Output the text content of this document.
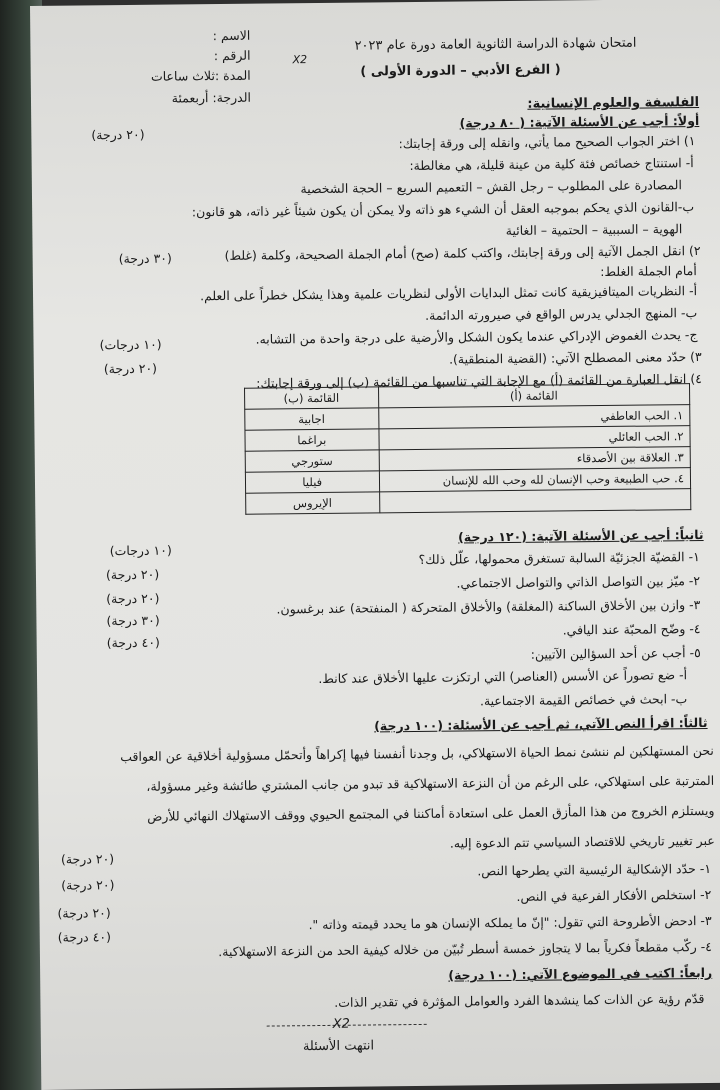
الاسم :
الرقم :
المدة :ثلاث ساعات
الدرجة: أربعمئة
امتحان شهادة الدراسة الثانوية العامة دورة عام ٢٠٢٣
( الفرع الأدبي – الدورة الأولى )
X2
الفلسفة والعلوم الإنسانية:
أولاً: أجب عن الأسئلة الآتية: ( ٨٠ درجة)
١) اختر الجواب الصحيح مما يأتي، وانقله إلى ورقة إجابتك:
(٢٠ درجة)
أ- استنتاج خصائص فئة كلية من عينة قليلة، هي مغالطة:
المصادرة على المطلوب – رجل القش – التعميم السريع – الحجة الشخصية
ب-القانون الذي يحكم بموجبه العقل أن الشيء هو ذاته ولا يمكن أن يكون شيئاً غير ذاته، هو قانون:
الهوية – السببية – الحتمية – الغائية
٢) انقل الجمل الآتية إلى ورقة إجابتك، واكتب كلمة (صح) أمام الجملة الصحيحة، وكلمة (غلط)
(٣٠ درجة)
أمام الجملة الغلط:
أ- النظريات الميتافيزيقية كانت تمثل البدايات الأولى لنظريات علمية وهذا يشكل خطراً على العلم.
ب- المنهج الجدلي يدرس الواقع في صيرورته الدائمة.
ج- يحدث الغموض الإدراكي عندما يكون الشكل والأرضية على درجة واحدة من التشابه.
٣) حدّد معنى المصطلح الآتي: (القضية المنطقية).
(١٠ درجات)
٤) انقل العبارة من القائمة (أ) مع الإجابة التي تناسبها من القائمة (ب) إلى ورقة إجابتك:
(٢٠ درجة)
القائمة (أ)	القائمة (ب)
١. الحب العاطفي	اجابية
٢. الحب العائلي	براغما
٣. العلاقة بين الأصدقاء	ستورجي
٤. حب الطبيعة وحب الإنسان لله وحب الله للإنسان	فيليا
	الإيروس
ثانياً: أجب عن الأسئلة الآتية: (١٢٠ درجة)
١- القضيّة الجزئيّة السالبة تستغرق محمولها، علّل ذلك؟
(١٠ درجات)
٢- ميّز بين التواصل الذاتي والتواصل الاجتماعي.
(٢٠ درجة)
٣- وازن بين الأخلاق الساكنة (المغلقة) والأخلاق المتحركة ( المنفتحة) عند برغسون.
(٢٠ درجة)
٤- وضّح المحبّة عند اليافي.
(٣٠ درجة)
٥- أجب عن أحد السؤالين الآتيين:
(٤٠ درجة)
أ- ضع تصوراً عن الأسس (العناصر) التي ارتكزت عليها الأخلاق عند كانط.
ب- ابحث في خصائص القيمة الاجتماعية.
ثالثاً: اقرأ النص الآتي، ثم أجب عن الأسئلة: (١٠٠ درجة)
نحن المستهلكين لم ننشئ نمط الحياة الاستهلاكي، بل وجدنا أنفسنا فيها إكراهاً وأتحمّل مسؤولية أخلاقية عن العواقب
المترتبة على استهلاكي، على الرغم من أن النزعة الاستهلاكية قد تبدو من جانب المشتري طائشة وغير مسؤولة،
ويستلزم الخروج من هذا المأزق العمل على استعادة أماكننا في المجتمع الحيوي ووقف الاستهلاك النهائي للأرض
عبر تغيير تاريخي للاقتصاد السياسي تتم الدعوة إليه.
١- حدّد الإشكالية الرئيسية التي يطرحها النص.
(٢٠ درجة)
٢- استخلص الأفكار الفرعية في النص.
(٢٠ درجة)
٣- ادحض الأطروحة التي تقول: "إنّ ما يملكه الإنسان هو ما يحدد قيمته وذاته ".
(٢٠ درجة)
٤- ركّب مقطعاً فكرياً بما لا يتجاوز خمسة أسطر تُبيّن من خلاله كيفية الحد من النزعة الاستهلاكية.
(٤٠ درجة)
رابعاً: اكتب في الموضوع الآتي: (١٠٠ درجة)
قدّم رؤية عن الذات كما ينشدها الفرد والعوامل المؤثرة في تقدير الذات.
X2
انتهت الأسئلة
